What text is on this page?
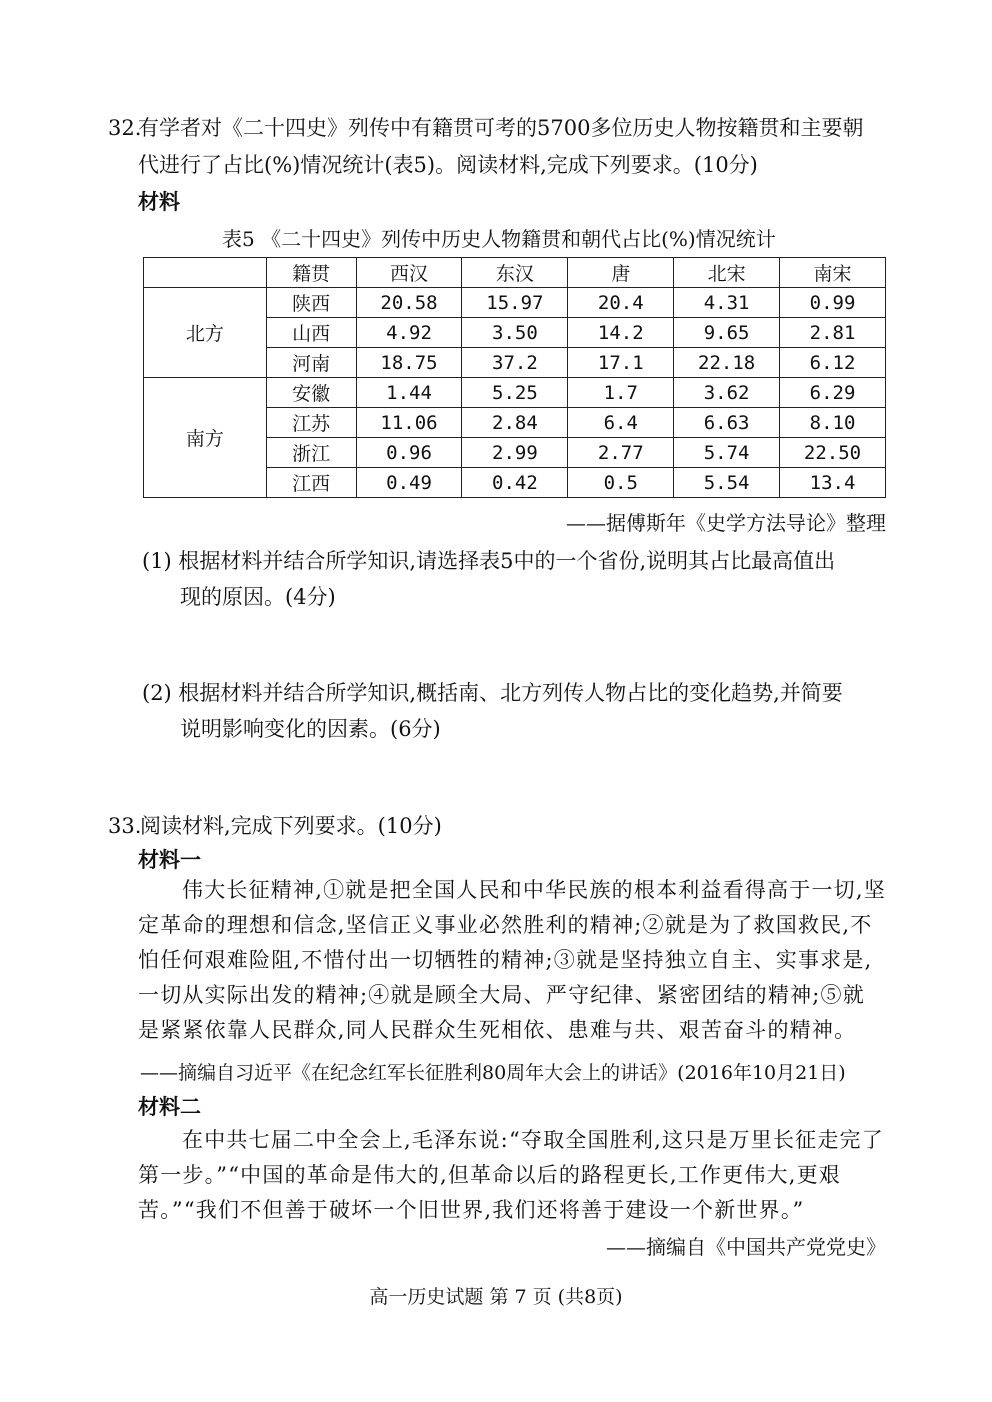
32.
有学者对《二十四史》列传中有籍贯可考的5700多位历史人物按籍贯和主要朝
代进行了占比(%)情况统计(表5)。阅读材料,完成下列要求。(10分)
材料
表5 《二十四史》列传中历史人物籍贯和朝代占比(%)情况统计
	籍贯	西汉	东汉	唐	北宋	南宋
北方	陕西	20.58	15.97	20.4	4.31	0.99
	山西	4.92	3.50	14.2	9.65	2.81
	河南	18.75	37.2	17.1	22.18	6.12
南方	安徽	1.44	5.25	1.7	3.62	6.29
	江苏	11.06	2.84	6.4	6.63	8.10
	浙江	0.96	2.99	2.77	5.74	22.50
	江西	0.49	0.42	0.5	5.54	13.4
——据傅斯年《史学方法导论》整理
(1) 根据材料并结合所学知识,请选择表5中的一个省份,说明其占比最高值出
现的原因。(4分)
(2) 根据材料并结合所学知识,概括南、北方列传人物占比的变化趋势,并简要
说明影响变化的因素。(6分)
33.
阅读材料,完成下列要求。(10分)
材料一
伟大长征精神,①就是把全国人民和中华民族的根本利益看得高于一切,坚定革命的理想和信念,坚信正义事业必然胜利的精神;②就是为了救国救民,不怕任何艰难险阻,不惜付出一切牺牲的精神;③就是坚持独立自主、实事求是,一切从实际出发的精神;④就是顾全大局、严守纪律、紧密团结的精神;⑤就是紧紧依靠人民群众,同人民群众生死相依、患难与共、艰苦奋斗的精神。
——摘编自习近平《在纪念红军长征胜利80周年大会上的讲话》(2016年10月21日)
材料二
在中共七届二中全会上,毛泽东说:“夺取全国胜利,这只是万里长征走完了第一步。”“中国的革命是伟大的,但革命以后的路程更长,工作更伟大,更艰苦。”“我们不但善于破坏一个旧世界,我们还将善于建设一个新世界。”
——摘编自《中国共产党党史》
高一历史试题 第 7 页 (共8页)
